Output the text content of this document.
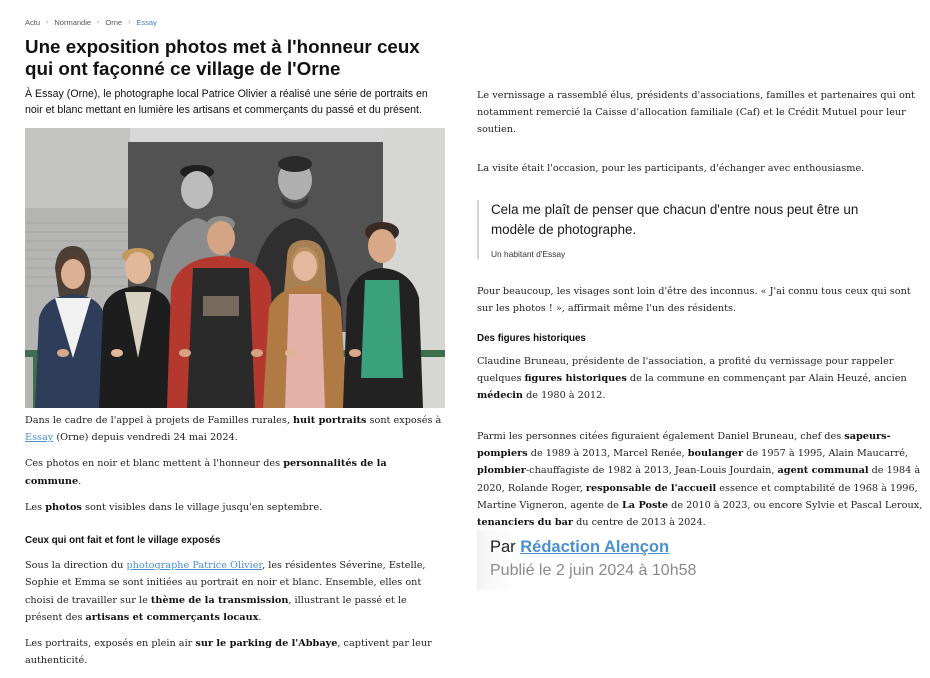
Actu › Normandie › Orne › Essay
Une exposition photos met à l'honneur ceux qui ont façonné ce village de l'Orne

À Essay (Orne), le photographe local Patrice Olivier a réalisé une série de portraits en noir et blanc mettant en lumière les artisans et commerçants du passé et du présent.

Dans le cadre de l'appel à projets de Familles rurales, huit portraits sont exposés à Essay (Orne) depuis vendredi 24 mai 2024.

Ces photos en noir et blanc mettent à l'honneur des personnalités de la commune.

Les photos sont visibles dans le village jusqu'en septembre.

Ceux qui ont fait et font le village exposés

Sous la direction du photographe Patrice Olivier, les résidentes Séverine, Estelle, Sophie et Emma se sont initiées au portrait en noir et blanc. Ensemble, elles ont choisi de travailler sur le thème de la transmission, illustrant le passé et le présent des artisans et commerçants locaux.

Les portraits, exposés en plein air sur le parking de l'Abbaye, captivent par leur authenticité.

Le vernissage a rassemblé élus, présidents d'associations, familles et partenaires qui ont notamment remercié la Caisse d'allocation familiale (Caf) et le Crédit Mutuel pour leur soutien.

La visite était l'occasion, pour les participants, d'échanger avec enthousiasme.

Cela me plaît de penser que chacun d'entre nous peut être un modèle de photographe.
Un habitant d'Essay

Pour beaucoup, les visages sont loin d'être des inconnus. « J'ai connu tous ceux qui sont sur les photos ! », affirmait même l'un des résidents.

Des figures historiques

Claudine Bruneau, présidente de l'association, a profité du vernissage pour rappeler quelques figures historiques de la commune en commençant par Alain Heuzé, ancien médecin de 1980 à 2012.

Parmi les personnes citées figuraient également Daniel Bruneau, chef des sapeurs-pompiers de 1989 à 2013, Marcel Renée, boulanger de 1957 à 1995, Alain Maucarré, plombier-chauffagiste de 1982 à 2013, Jean-Louis Jourdain, agent communal de 1984 à 2020, Rolande Roger, responsable de l'accueil essence et comptabilité de 1968 à 1996, Martine Vigneron, agente de La Poste de 2010 à 2023, ou encore Sylvie et Pascal Leroux, tenanciers du bar du centre de 2013 à 2024.

Par Rédaction Alençon
Publié le 2 juin 2024 à 10h58
